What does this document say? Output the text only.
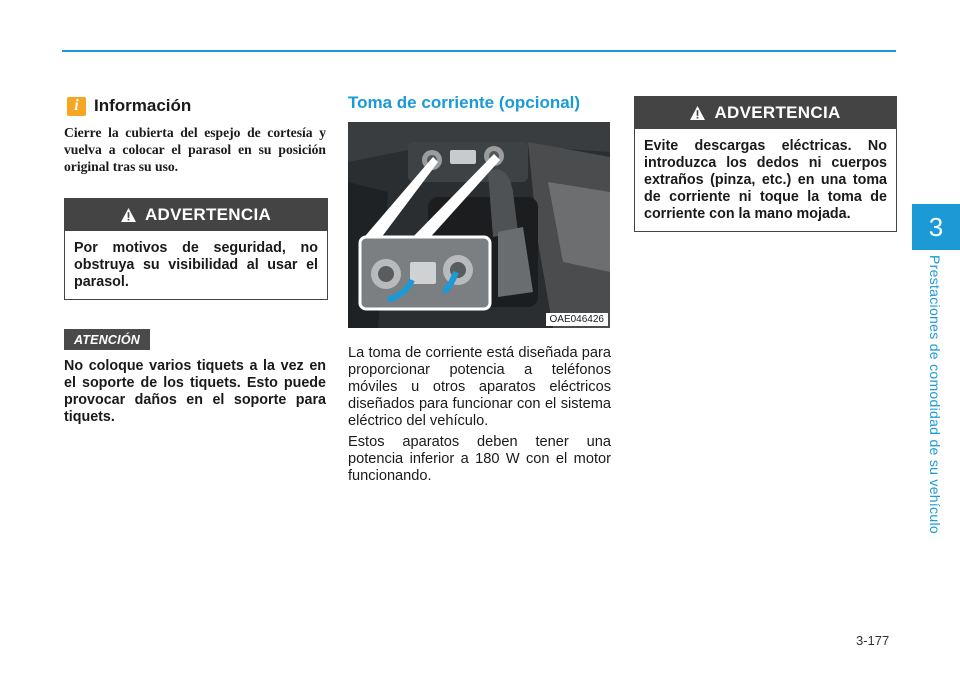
3
Prestaciones de comodidad de su vehículo
i Información
Cierre la cubierta del espejo de cortesía y vuelva a colocar el parasol en su posición original tras su uso.
ADVERTENCIA
Por motivos de seguridad, no obstruya su visibilidad al usar el parasol.
ATENCIÓN
No coloque varios tiquets a la vez en el soporte de los tiquets. Esto puede provocar daños en el soporte para tiquets.
Toma de corriente (opcional)
OAE046426

La toma de corriente está diseñada para proporcionar potencia a teléfonos móviles u otros aparatos eléctricos diseñados para funcionar con el sistema eléctrico del vehículo.

Estos aparatos deben tener una potencia inferior a 180 W con el motor funcionando.

ADVERTENCIA
Evite descargas eléctricas. No introduzca los dedos ni cuerpos extraños (pinza, etc.) en una toma de corriente ni toque la toma de corriente con la mano mojada.
3-177
